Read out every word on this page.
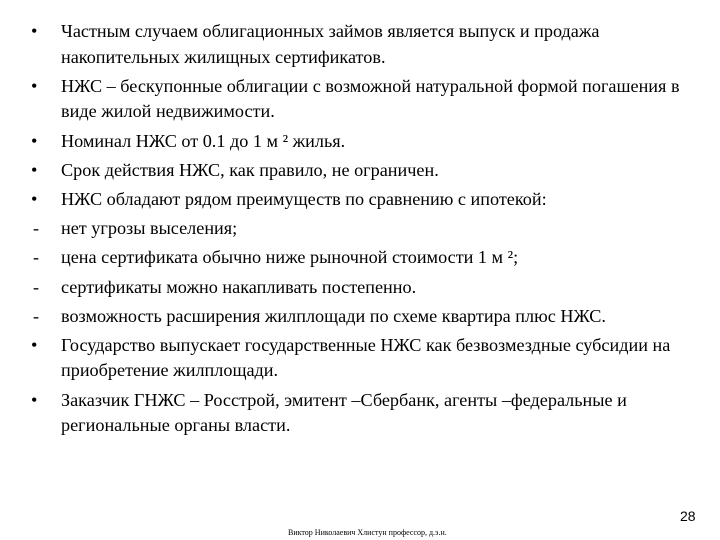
•	Частным случаем облигационных займов является выпуск и продажа накопительных жилищных сертификатов.
•	НЖС – бескупонные облигации с возможной натуральной формой погашения в виде жилой недвижимости.
•	Номинал НЖС от 0.1 до 1 м ² жилья.
•	Срок действия НЖС, как правило, не ограничен.
•	НЖС обладают рядом преимуществ по сравнению с ипотекой:
-	нет угрозы выселения;
-	цена сертификата обычно ниже рыночной стоимости 1 м ²;
-	сертификаты можно накапливать постепенно.
-	возможность расширения жилплощади по схеме квартира плюс НЖС.
•	Государство выпускает государственные НЖС как безвозмездные субсидии на приобретение жилплощади.
•	Заказчик ГНЖС – Росстрой, эмитент –Сбербанк, агенты –федеральные и региональные органы власти.
28
Виктор Николаевич Хлистун профессор, д.э.н.
